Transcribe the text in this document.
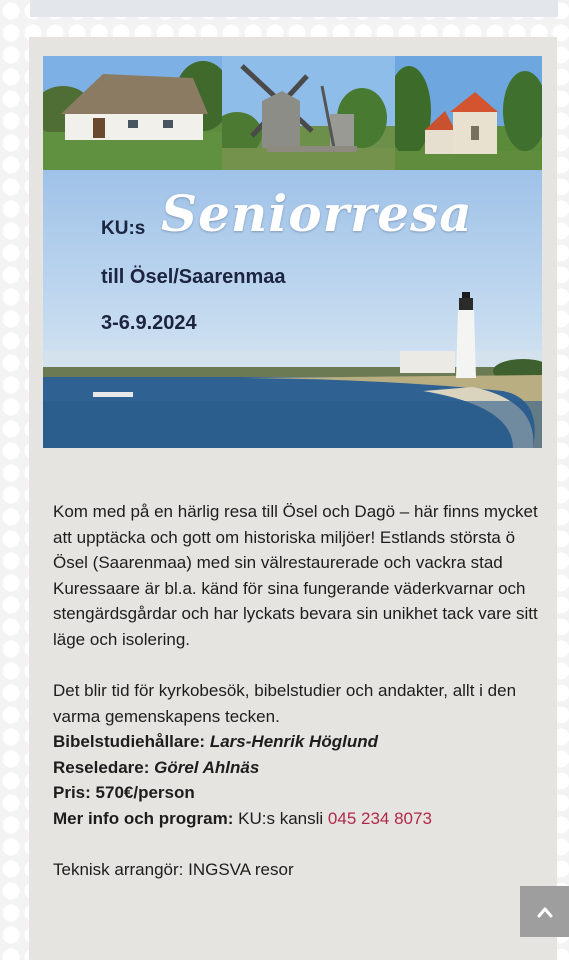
KU:s Seniorresa
till Ösel/Saarenmaa
3-6.9.2024

Kom med på en härlig resa till Ösel och Dagö – här finns mycket att upptäcka och gott om historiska miljöer! Estlands största ö Ösel (Saarenmaa) med sin välrestaurerade och vackra stad Kuressaare är bl.a. känd för sina fungerande väderkvarnar och stengärdsgårdar och har lyckats bevara sin unikhet tack vare sitt läge och isolering.

Det blir tid för kyrkobesök, bibelstudier och andakter, allt i den varma gemenskapens tecken.

Bibelstudiehållare: Lars-Henrik Höglund

Reseledare: Görel Ahlnäs

Pris: 570€/person

Mer info och program: KU:s kansli 045 234 8073

Teknisk arrangör: INGSVA resor
